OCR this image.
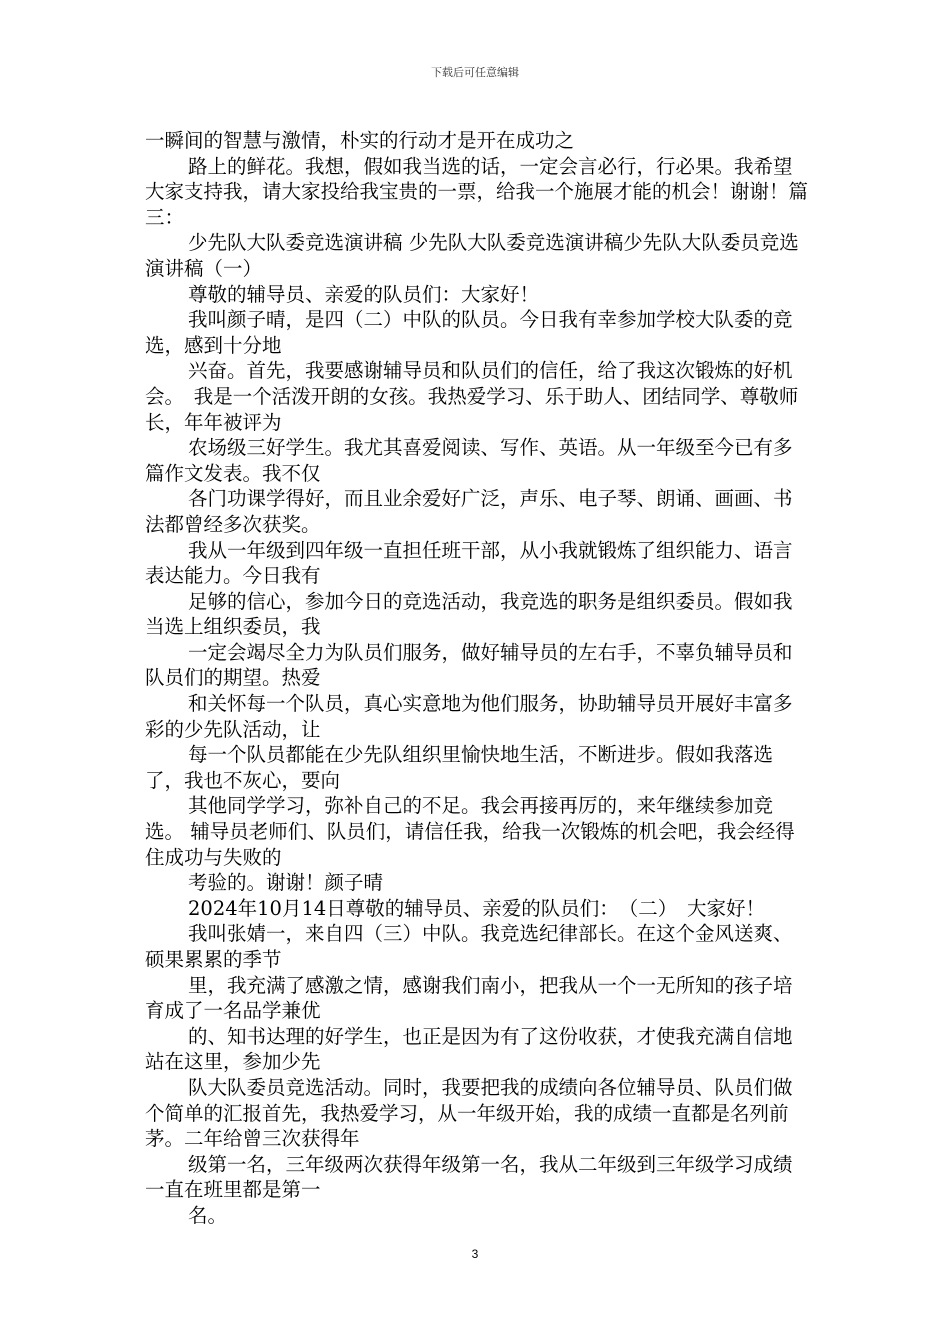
下载后可任意编辑

一瞬间的智慧与激情，朴实的行动才是开在成功之

路上的鲜花。我想，假如我当选的话，一定会言必行，行必果。我希望大家支持我，请大家投给我宝贵的一票，给我一个施展才能的机会！谢谢！篇三：

少先队大队委竞选演讲稿 少先队大队委竞选演讲稿少先队大队委员竞选演讲稿（一）

尊敬的辅导员、亲爱的队员们：大家好！

我叫颜子晴，是四（二）中队的队员。今日我有幸参加学校大队委的竞选，感到十分地

兴奋。首先，我要感谢辅导员和队员们的信任，给了我这次锻炼的好机会。　我是一个活泼开朗的女孩。我热爱学习、乐于助人、团结同学、尊敬师长，年年被评为

农场级三好学生。我尤其喜爱阅读、写作、英语。从一年级至今已有多篇作文发表。我不仅

各门功课学得好，而且业余爱好广泛，声乐、电子琴、朗诵、画画、书法都曾经多次获奖。

我从一年级到四年级一直担任班干部，从小我就锻炼了组织能力、语言表达能力。今日我有

足够的信心，参加今日的竞选活动，我竞选的职务是组织委员。假如我当选上组织委员，我

一定会竭尽全力为队员们服务，做好辅导员的左右手，不辜负辅导员和队员们的期望。热爱

和关怀每一个队员，真心实意地为他们服务，协助辅导员开展好丰富多彩的少先队活动，让

每一个队员都能在少先队组织里愉快地生活，不断进步。假如我落选了，我也不灰心，要向

其他同学学习，弥补自己的不足。我会再接再厉的，来年继续参加竞选。 辅导员老师们、队员们，请信任我，给我一次锻炼的机会吧，我会经得住成功与失败的

考验的。谢谢！颜子晴

2024年10月14日尊敬的辅导员、亲爱的队员们：　（二）　大家好！

我叫张婧一，来自四（三）中队。我竞选纪律部长。在这个金风送爽、硕果累累的季节

里，我充满了感激之情，感谢我们南小，把我从一个一无所知的孩子培育成了一名品学兼优

的、知书达理的好学生，也正是因为有了这份收获，才使我充满自信地站在这里，参加少先

队大队委员竞选活动。同时，我要把我的成绩向各位辅导员、队员们做个简单的汇报首先，我热爱学习，从一年级开始，我的成绩一直都是名列前茅。二年给曾三次获得年

级第一名，三年级两次获得年级第一名，我从二年级到三年级学习成绩一直在班里都是第一

名。

3
